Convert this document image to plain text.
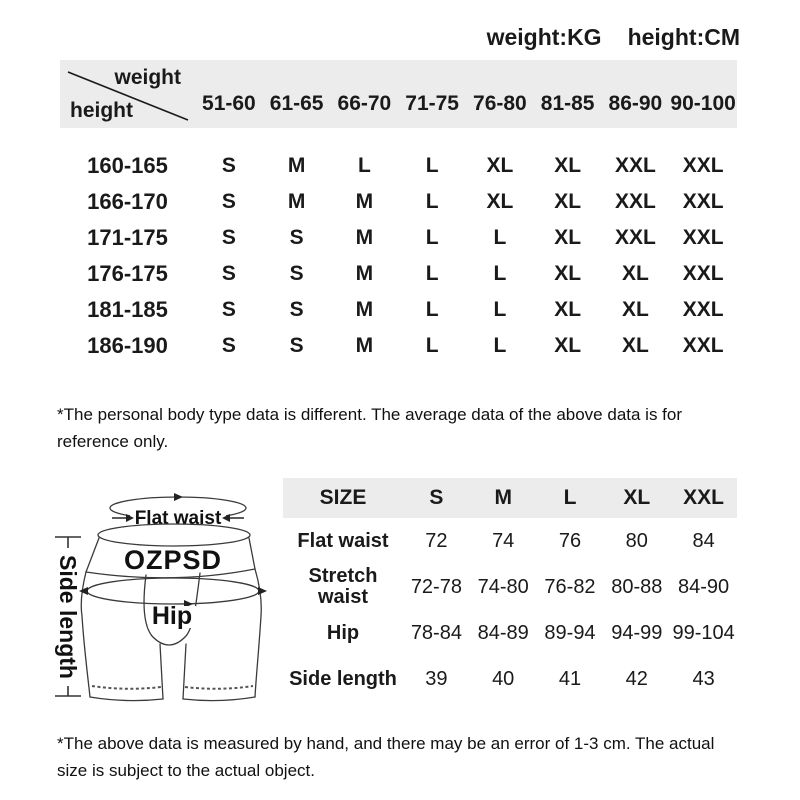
weight:KG height:CM
weight
height	51-60 61-65 66-70 71-75 76-80 81-85 86-90 90-100
160-165	S	M	L	L	XL	XL	XXL	XXL
166-170	S	M	M	L	XL	XL	XXL	XXL
171-175	S	S	M	L	L	XL	XXL	XXL
176-175	S	S	M	L	L	XL	XL	XXL
181-185	S	S	M	L	L	XL	XL	XXL
186-190	S	S	M	L	L	XL	XL	XXL
*The personal body type data is different. The average data of the above data is for reference only.
Flat waist
OZPSD
Hip
Side length
SIZE	S	M	L	XL	XXL
Flat waist	72	74	76	80	84
Stretch waist	72-78 74-80 76-82 80-88 84-90
Hip	78-84 84-89 89-94 94-99 99-104
Side length	39	40	41	42	43
*The above data is measured by hand, and there may be an error of 1-3 cm. The actual size is subject to the actual object.
